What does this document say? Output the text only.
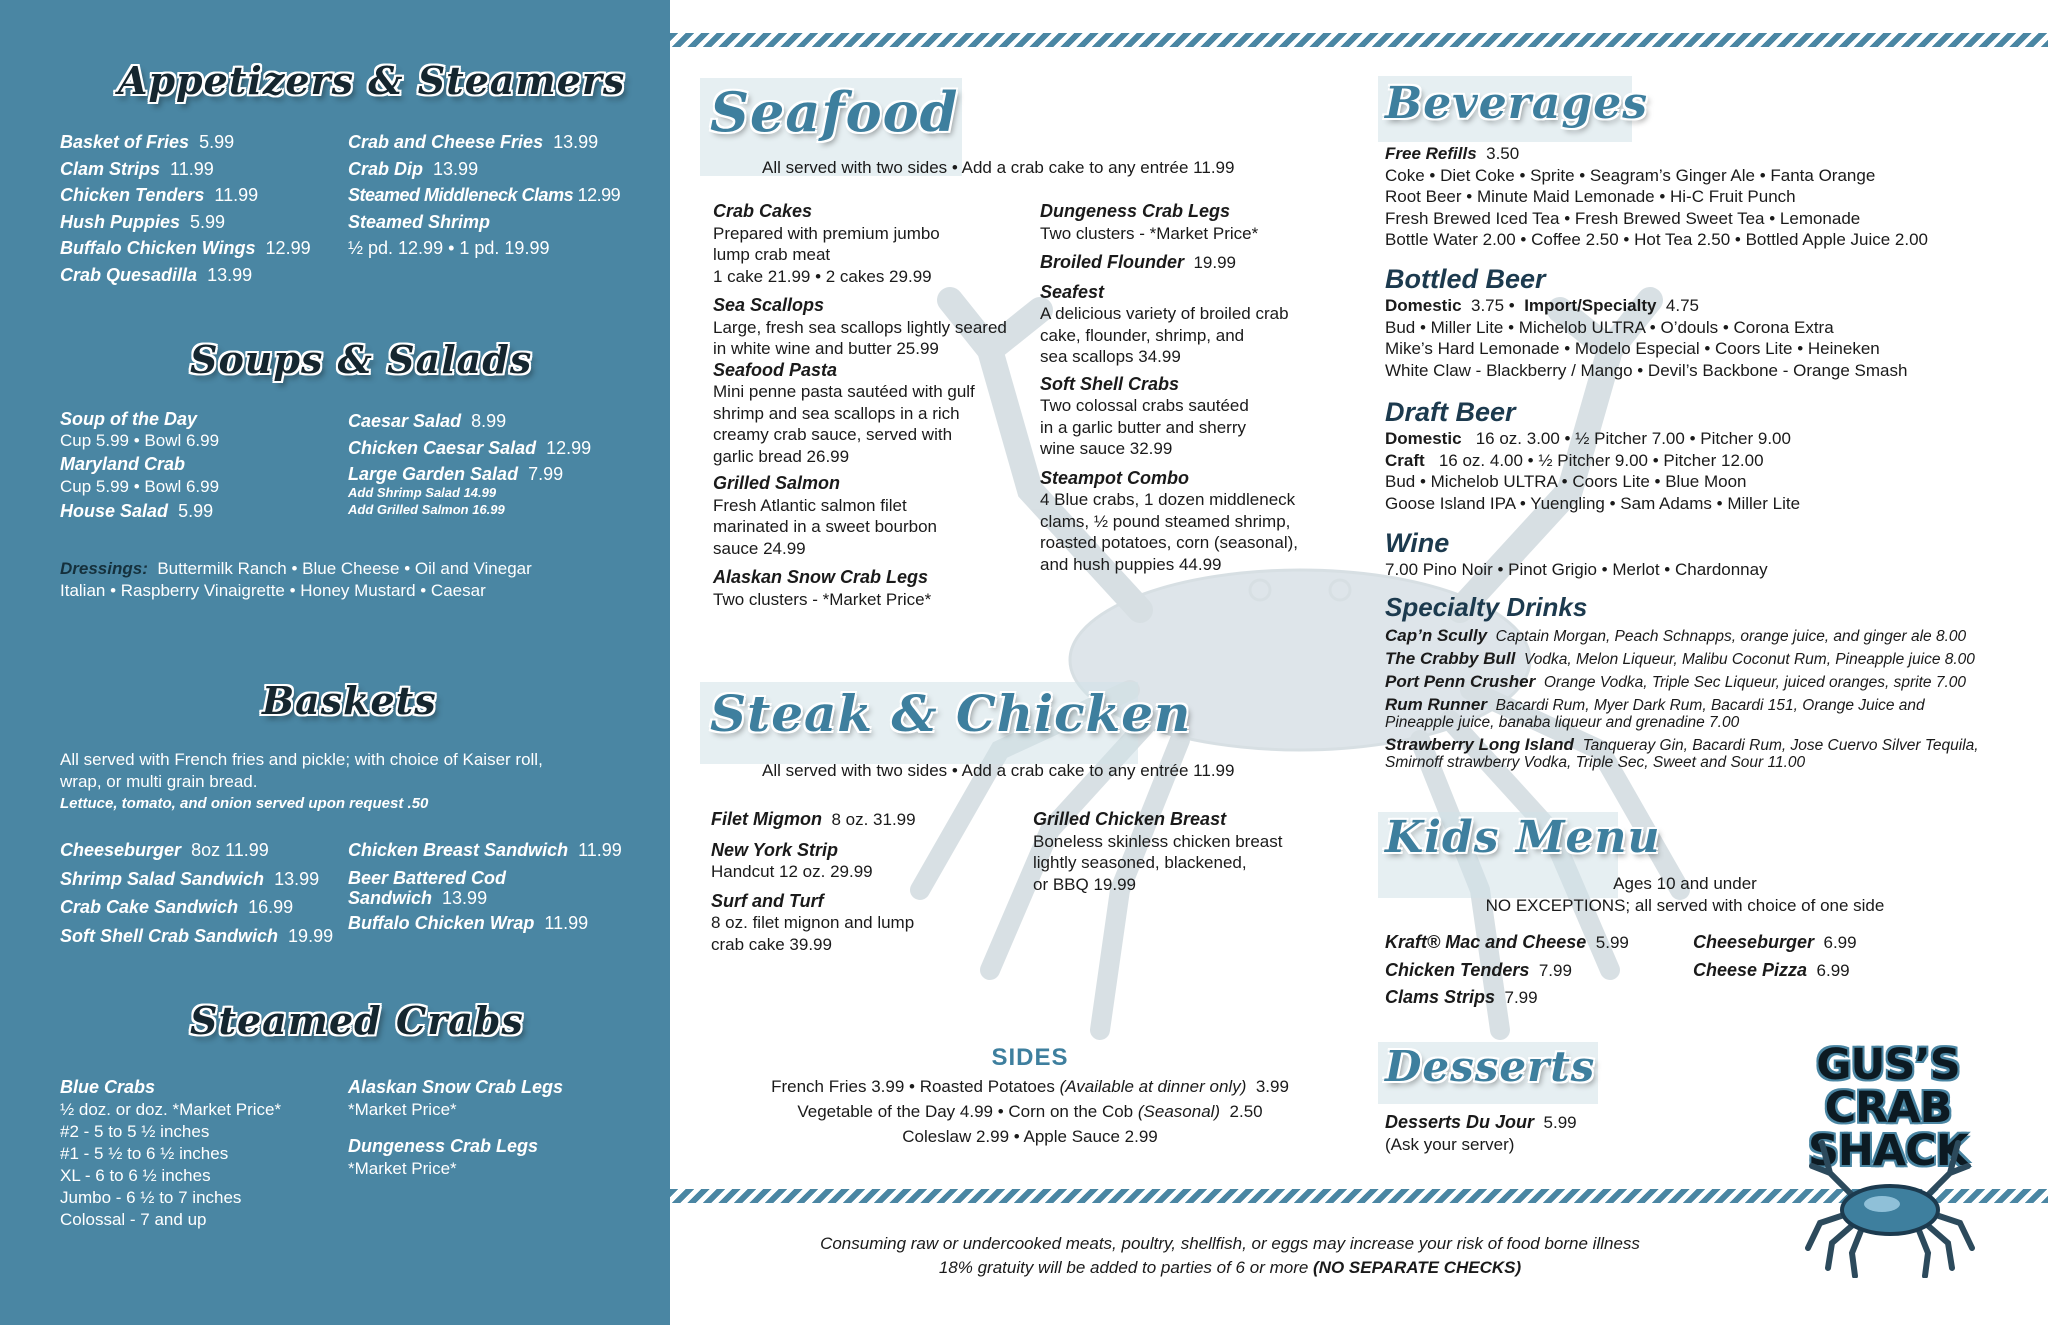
Appetizers & Steamers
Basket of Fries 5.99
Clam Strips 11.99
Chicken Tenders 11.99
Hush Puppies 5.99
Buffalo Chicken Wings 12.99
Crab Quesadilla 13.99
Crab and Cheese Fries 13.99
Crab Dip 13.99
Steamed Middleneck Clams 12.99
Steamed Shrimp
½ pd. 12.99 • 1 pd. 19.99
Soups & Salads
Soup of the Day
Cup 5.99 • Bowl 6.99
Maryland Crab
Cup 5.99 • Bowl 6.99
House Salad 5.99
Caesar Salad 8.99
Chicken Caesar Salad 12.99
Large Garden Salad 7.99
Add Shrimp Salad 14.99
Add Grilled Salmon 16.99
Dressings: Buttermilk Ranch • Blue Cheese • Oil and Vinegar
Italian • Raspberry Vinaigrette • Honey Mustard • Caesar
Baskets
All served with French fries and pickle; with choice of Kaiser roll,
wrap, or multi grain bread.
Lettuce, tomato, and onion served upon request .50
Cheeseburger 8oz 11.99
Shrimp Salad Sandwich 13.99
Crab Cake Sandwich 16.99
Soft Shell Crab Sandwich 19.99
Chicken Breast Sandwich 11.99
Beer Battered Cod
Sandwich 13.99
Buffalo Chicken Wrap 11.99
Steamed Crabs
Blue Crabs
½ doz. or doz. *Market Price*
#2 - 5 to 5 ½ inches
#1 - 5 ½ to 6 ½ inches
XL - 6 to 6 ½ inches
Jumbo - 6 ½ to 7 inches
Colossal - 7 and up
Alaskan Snow Crab Legs
*Market Price*
Dungeness Crab Legs
*Market Price*
Seafood
All served with two sides • Add a crab cake to any entrée 11.99
Crab Cakes
Prepared with premium jumbo
lump crab meat
1 cake 21.99 • 2 cakes 29.99
Sea Scallops
Large, fresh sea scallops lightly seared
in white wine and butter 25.99
Seafood Pasta
Mini penne pasta sautéed with gulf
shrimp and sea scallops in a rich
creamy crab sauce, served with
garlic bread 26.99
Grilled Salmon
Fresh Atlantic salmon filet
marinated in a sweet bourbon
sauce 24.99
Alaskan Snow Crab Legs
Two clusters - *Market Price*
Dungeness Crab Legs
Two clusters - *Market Price*
Broiled Flounder 19.99
Seafest
A delicious variety of broiled crab
cake, flounder, shrimp, and
sea scallops 34.99
Soft Shell Crabs
Two colossal crabs sautéed
in a garlic butter and sherry
wine sauce 32.99
Steampot Combo
4 Blue crabs, 1 dozen middleneck
clams, ½ pound steamed shrimp,
roasted potatoes, corn (seasonal),
and hush puppies 44.99
Steak & Chicken
All served with two sides • Add a crab cake to any entrée 11.99
Filet Migmon 8 oz. 31.99
New York Strip
Handcut 12 oz. 29.99
Surf and Turf
8 oz. filet mignon and lump
crab cake 39.99
Grilled Chicken Breast
Boneless skinless chicken breast
lightly seasoned, blackened,
or BBQ 19.99
SIDES
French Fries 3.99 • Roasted Potatoes (Available at dinner only) 3.99
Vegetable of the Day 4.99 • Corn on the Cob (Seasonal) 2.50
Coleslaw 2.99 • Apple Sauce 2.99
Beverages
Free Refills 3.50
Coke • Diet Coke • Sprite • Seagram’s Ginger Ale • Fanta Orange
Root Beer • Minute Maid Lemonade • Hi-C Fruit Punch
Fresh Brewed Iced Tea • Fresh Brewed Sweet Tea • Lemonade
Bottle Water 2.00 • Coffee 2.50 • Hot Tea 2.50 • Bottled Apple Juice 2.00
Bottled Beer
Domestic 3.75 • Import/Specialty 4.75
Bud • Miller Lite • Michelob ULTRA • O’douls • Corona Extra
Mike’s Hard Lemonade • Modelo Especial • Coors Lite • Heineken
White Claw - Blackberry / Mango • Devil’s Backbone - Orange Smash
Draft Beer
Domestic 16 oz. 3.00 • ½ Pitcher 7.00 • Pitcher 9.00
Craft 16 oz. 4.00 • ½ Pitcher 9.00 • Pitcher 12.00
Bud • Michelob ULTRA • Coors Lite • Blue Moon
Goose Island IPA • Yuengling • Sam Adams • Miller Lite
Wine
7.00 Pino Noir • Pinot Grigio • Merlot • Chardonnay
Specialty Drinks
Cap’n Scully Captain Morgan, Peach Schnapps, orange juice, and ginger ale 8.00
The Crabby Bull Vodka, Melon Liqueur, Malibu Coconut Rum, Pineapple juice 8.00
Port Penn Crusher Orange Vodka, Triple Sec Liqueur, juiced oranges, sprite 7.00
Rum Runner Bacardi Rum, Myer Dark Rum, Bacardi 151, Orange Juice and
Pineapple juice, banaba liqueur and grenadine 7.00
Strawberry Long Island Tanqueray Gin, Bacardi Rum, Jose Cuervo Silver Tequila,
Smirnoff strawberry Vodka, Triple Sec, Sweet and Sour 11.00
Kids Menu
Ages 10 and under
NO EXCEPTIONS; all served with choice of one side
Kraft® Mac and Cheese 5.99
Chicken Tenders 7.99
Clams Strips 7.99
Cheeseburger 6.99
Cheese Pizza 6.99
Desserts
Desserts Du Jour 5.99
(Ask your server)
GUS’S CRAB
SHACK
Consuming raw or undercooked meats, poultry, shellfish, or eggs may increase your risk of food borne illness
18% gratuity will be added to parties of 6 or more (NO SEPARATE CHECKS)
